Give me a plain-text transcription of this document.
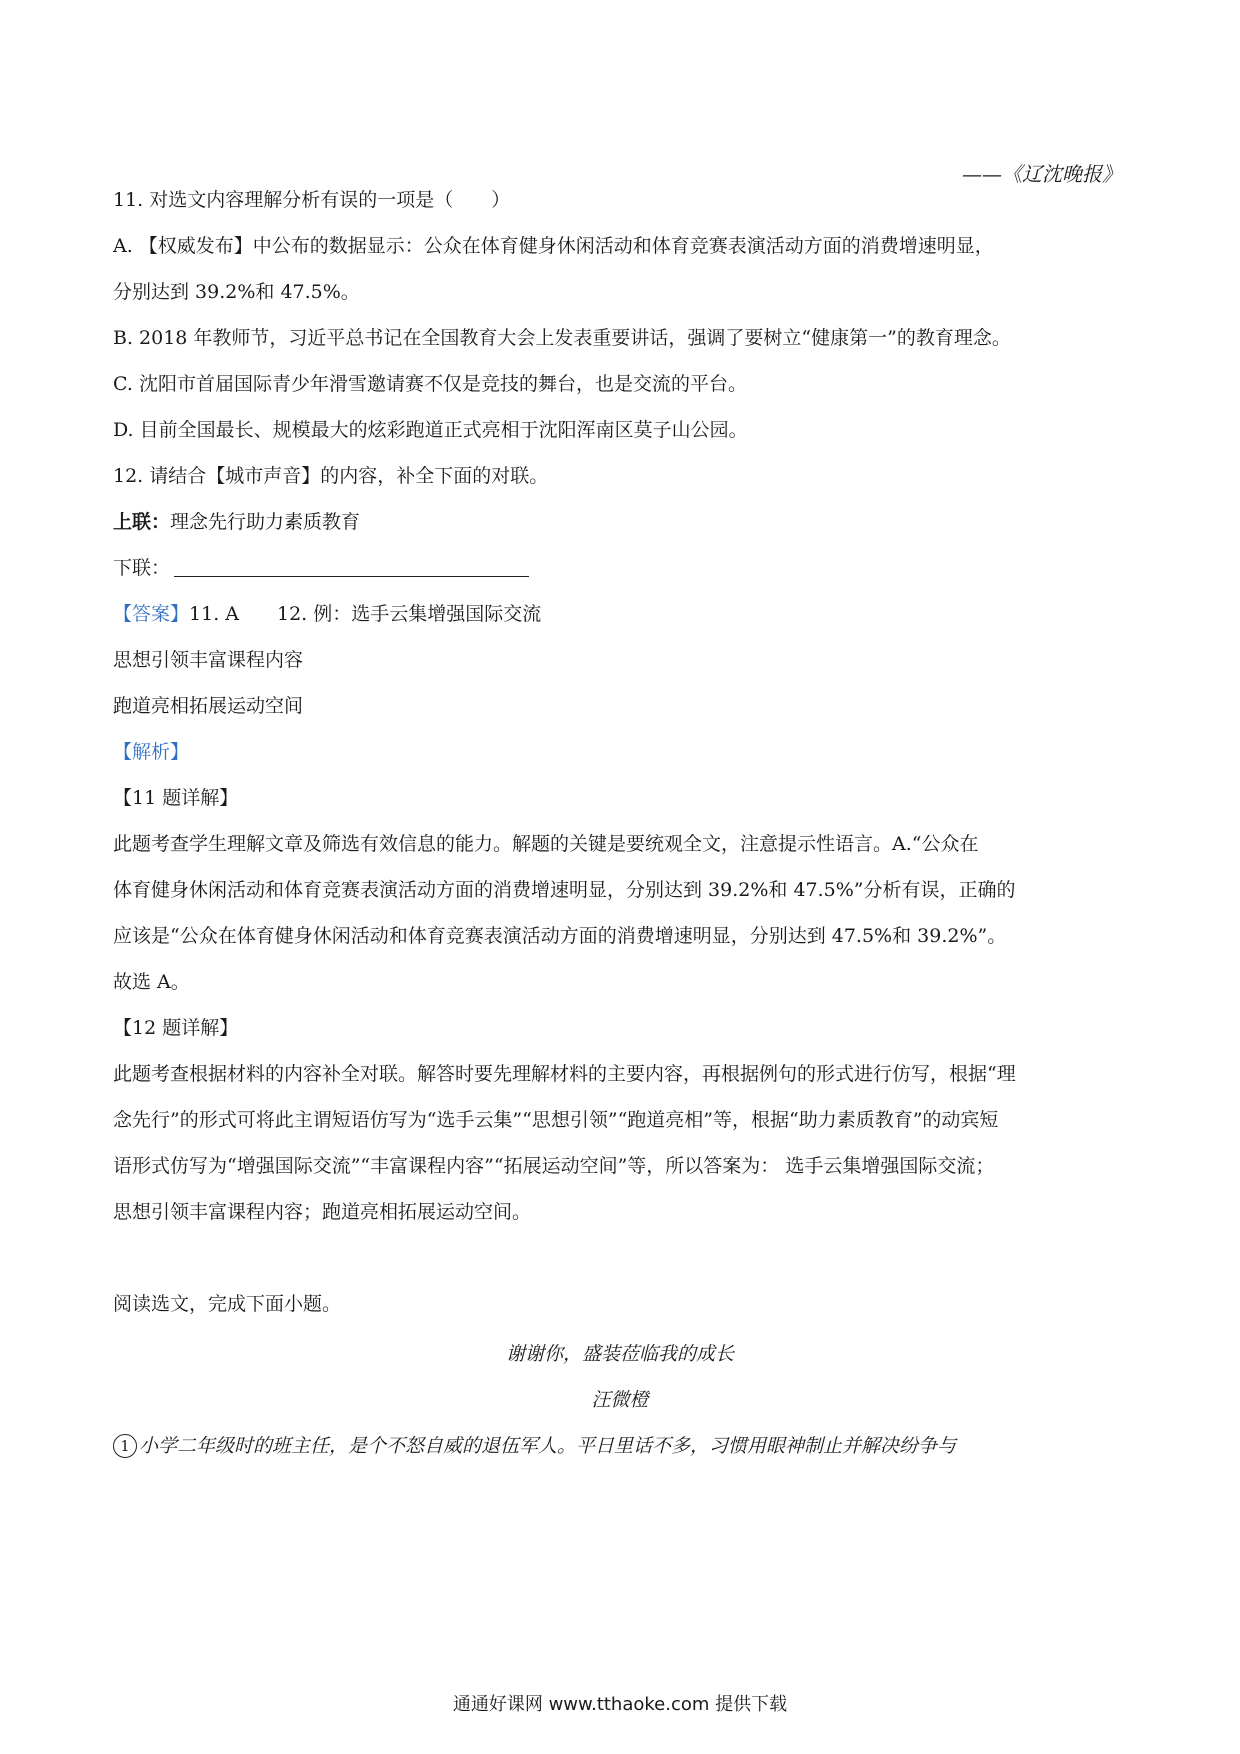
——《辽沈晚报》
11. 对选文内容理解分析有误的一项是（　　）
A. 【权威发布】中公布的数据显示：公众在体育健身休闲活动和体育竞赛表演活动方面的消费增速明显，
分别达到 39.2%和 47.5%。
B. 2018 年教师节，习近平总书记在全国教育大会上发表重要讲话，强调了要树立“健康第一”的教育理念。
C. 沈阳市首届国际青少年滑雪邀请赛不仅是竞技的舞台，也是交流的平台。
D. 目前全国最长、规模最大的炫彩跑道正式亮相于沈阳浑南区莫子山公园。
12. 请结合【城市声音】的内容，补全下面的对联。
上联：理念先行助力素质教育
下联：
【答案】11. A　　12. 例：选手云集增强国际交流
思想引领丰富课程内容
跑道亮相拓展运动空间
【解析】
【11 题详解】
此题考查学生理解文章及筛选有效信息的能力。解题的关键是要统观全文，注意提示性语言。A.“公众在
体育健身休闲活动和体育竞赛表演活动方面的消费增速明显，分别达到 39.2%和 47.5%”分析有误，正确的
应该是“公众在体育健身休闲活动和体育竞赛表演活动方面的消费增速明显，分别达到 47.5%和 39.2%”。
故选 A。
【12 题详解】
此题考查根据材料的内容补全对联。解答时要先理解材料的主要内容，再根据例句的形式进行仿写，根据“理
念先行”的形式可将此主谓短语仿写为“选手云集”“思想引领”“跑道亮相”等，根据“助力素质教育”的动宾短
语形式仿写为“增强国际交流”“丰富课程内容”“拓展运动空间”等，所以答案为： 选手云集增强国际交流；
思想引领丰富课程内容；跑道亮相拓展运动空间。
阅读选文，完成下面小题。
谢谢你，盛装莅临我的成长
汪微橙
1 小学二年级时的班主任，是个不怒自威的退伍军人。平日里话不多，习惯用眼神制止并解决纷争与
通通好课网 www.tthaoke.com 提供下载
